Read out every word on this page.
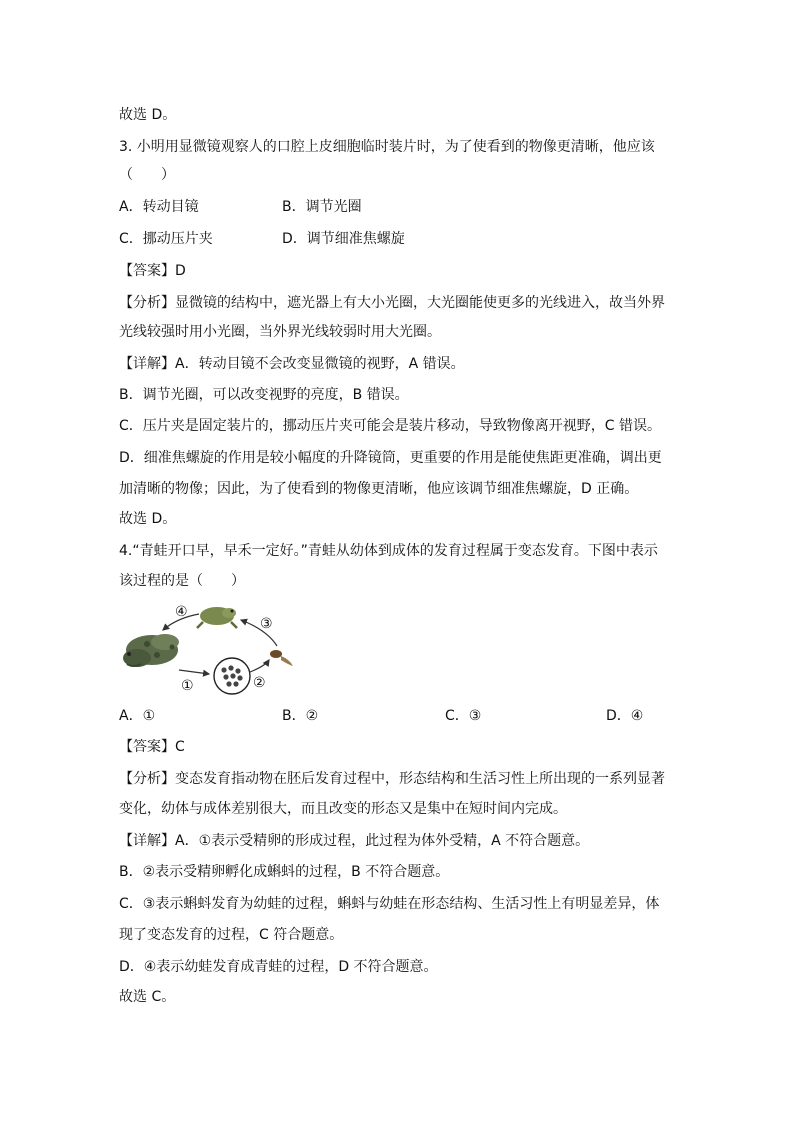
故选 D。
3. 小明用显微镜观察人的口腔上皮细胞临时装片时，为了使看到的物像更清晰，他应该
（　　）
A．转动目镜	B．调节光圈
C．挪动压片夹	D．调节细准焦螺旋
【答案】D
【分析】显微镜的结构中，遮光器上有大小光圈，大光圈能使更多的光线进入，故当外界
光线较强时用小光圈，当外界光线较弱时用大光圈。
【详解】A．转动目镜不会改变显微镜的视野，A 错误。
B．调节光圈，可以改变视野的亮度，B 错误。
C．压片夹是固定装片的，挪动压片夹可能会是装片移动，导致物像离开视野，C 错误。
D．细准焦螺旋的作用是较小幅度的升降镜筒，更重要的作用是能使焦距更准确，调出更
加清晰的物像；因此，为了使看到的物像更清晰，他应该调节细准焦螺旋，D 正确。
故选 D。
4.“青蛙开口早，早禾一定好。”青蛙从幼体到成体的发育过程属于变态发育。下图中表示
该过程的是（　　）
①	②
③
④
A．①	B．②	C．③	D．④
【答案】C
【分析】变态发育指动物在胚后发育过程中，形态结构和生活习性上所出现的一系列显著
变化，幼体与成体差别很大，而且改变的形态又是集中在短时间内完成。
【详解】A．①表示受精卵的形成过程，此过程为体外受精，A 不符合题意。
B．②表示受精卵孵化成蝌蚪的过程，B 不符合题意。
C．③表示蝌蚪发育为幼蛙的过程，蝌蚪与幼蛙在形态结构、生活习性上有明显差异，体
现了变态发育的过程，C 符合题意。
D．④表示幼蛙发育成青蛙的过程，D 不符合题意。
故选 C。
